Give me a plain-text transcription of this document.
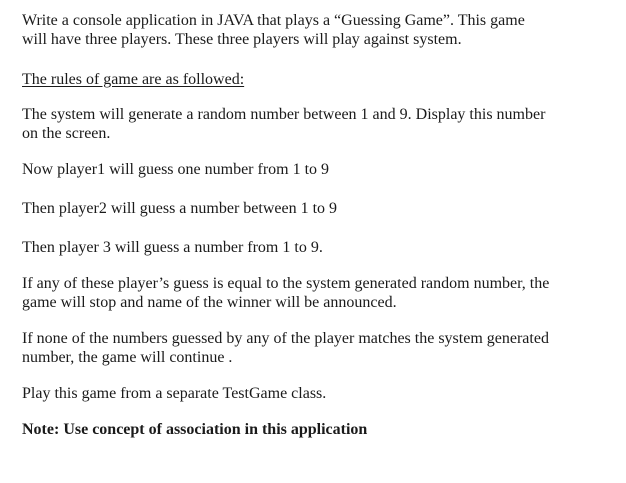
Write a console application in JAVA that plays a “Guessing Game”. This game
will have three players. These three players will play against system.

The rules of game are as followed:

The system will generate a random number between 1 and 9. Display this number
on the screen.

Now player1 will guess one number from 1 to 9

Then player2 will guess a number between 1 to 9

Then player 3 will guess a number from 1 to 9.

If any of these player’s guess is equal to the system generated random number, the
game will stop and name of the winner will be announced.

If none of the numbers guessed by any of the player matches the system generated
number, the game will continue .

Play this game from a separate TestGame class.

Note: Use concept of association in this application
